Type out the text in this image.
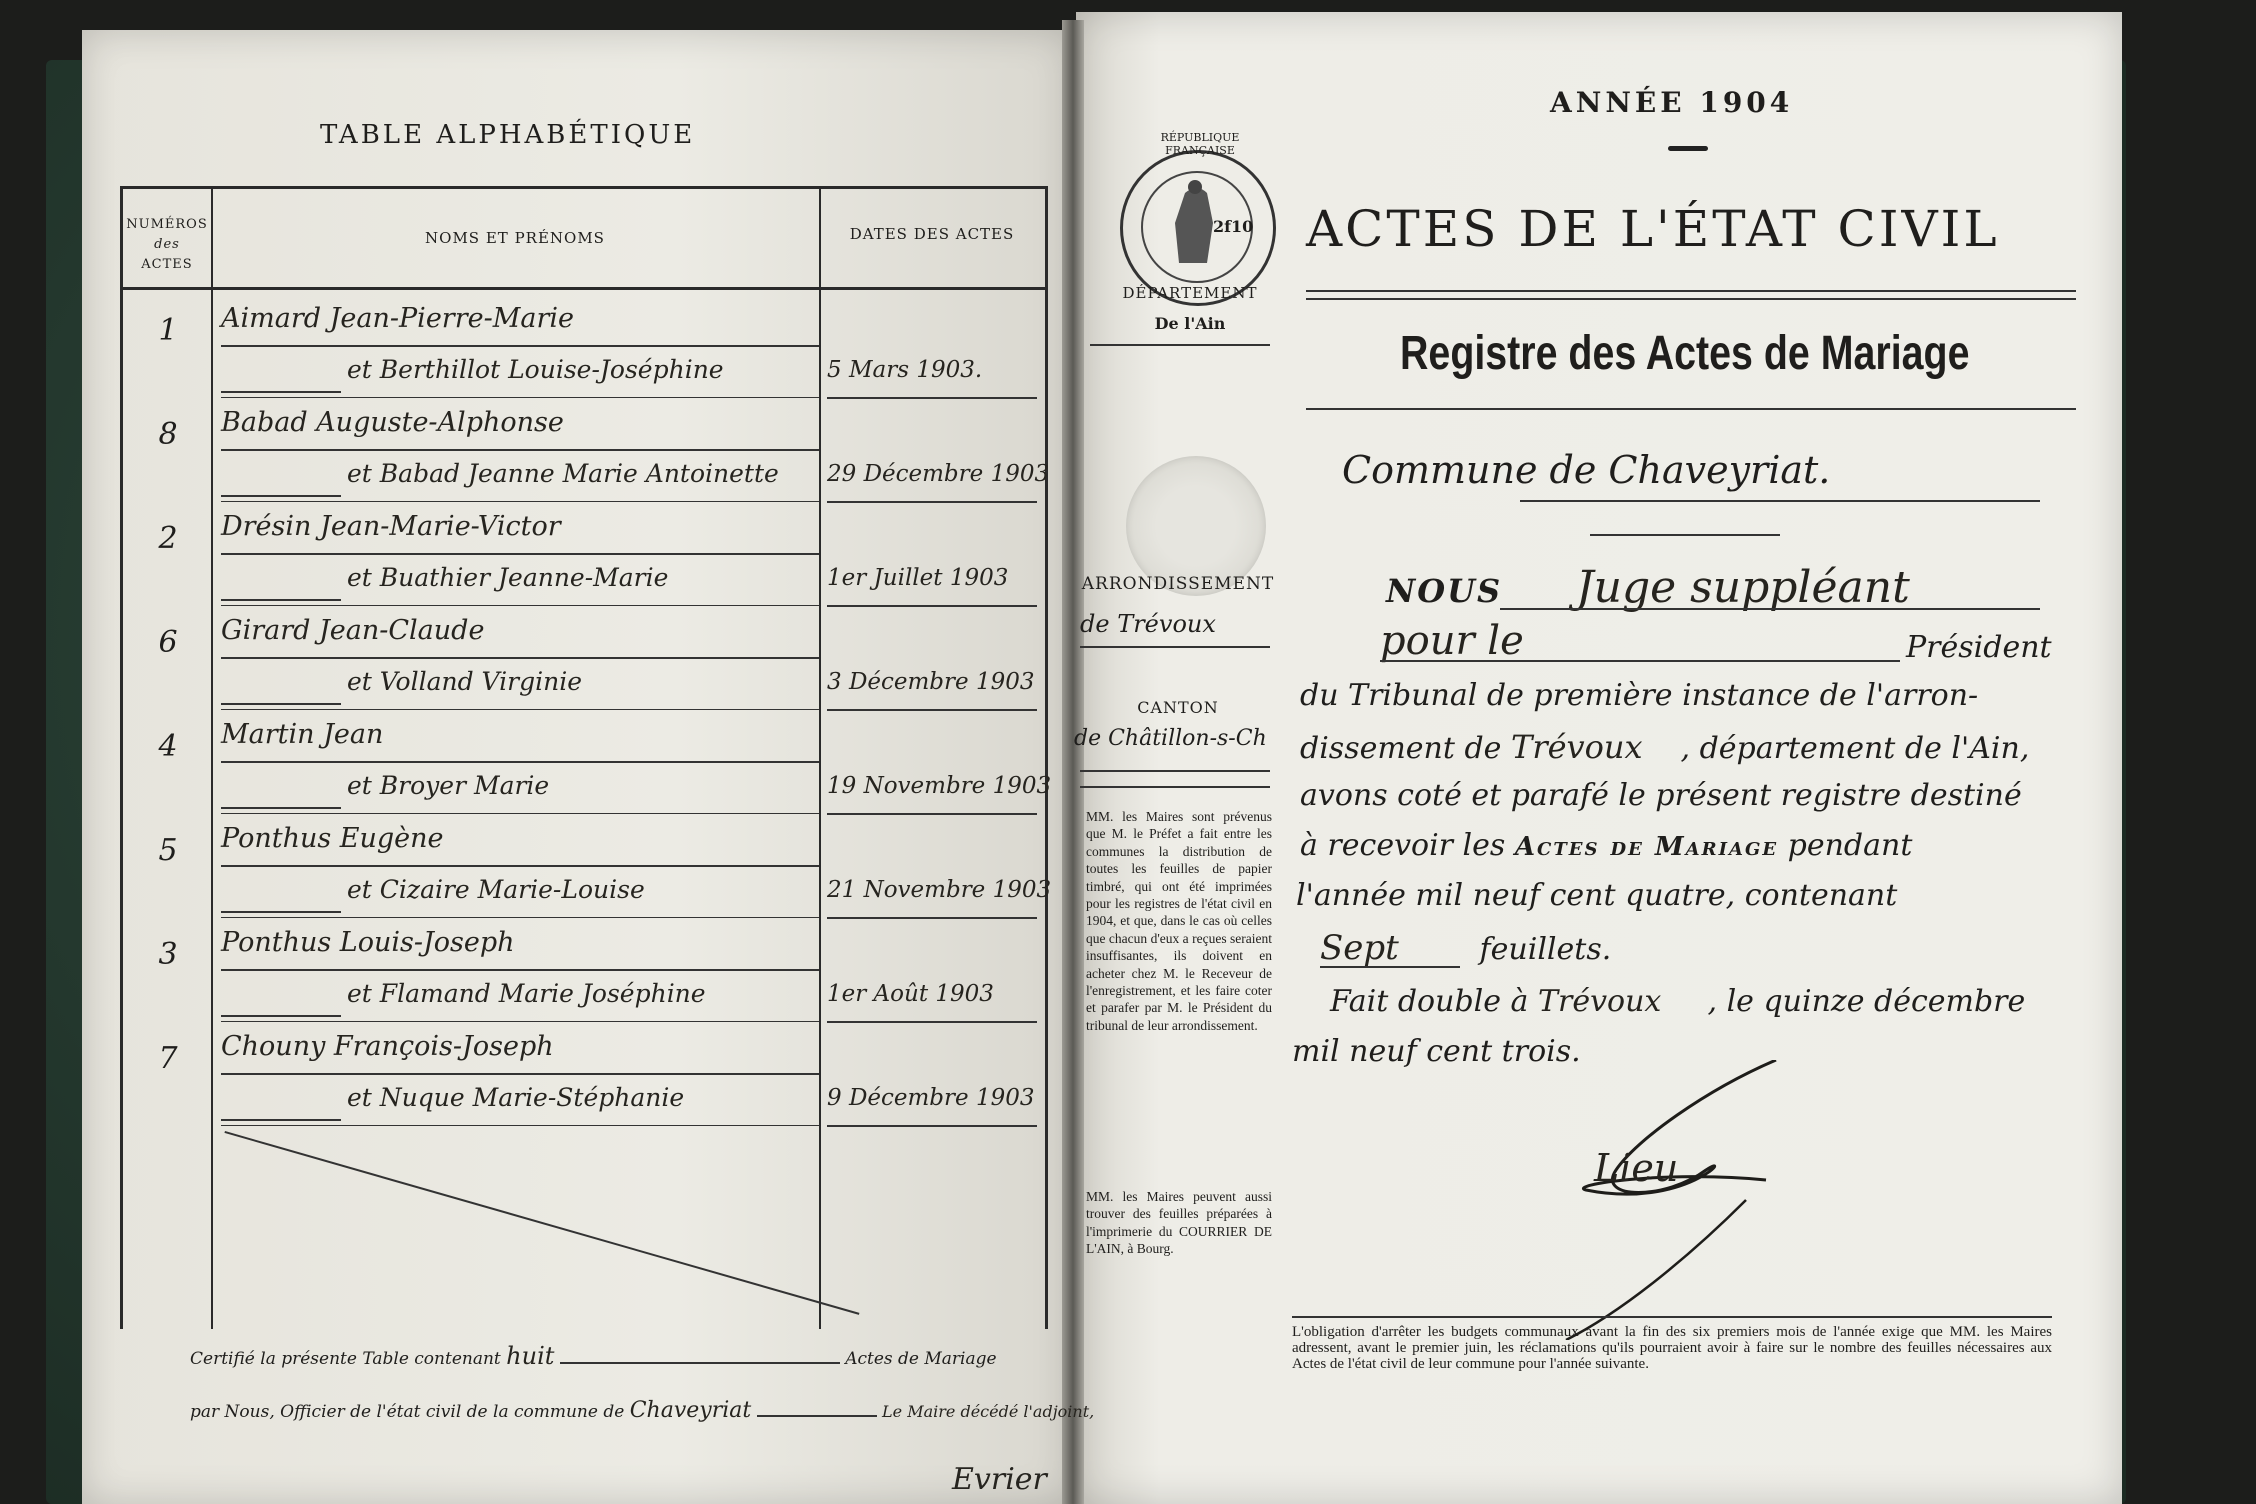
TABLE ALPHABÉTIQUE
NUMÉROS
des
ACTES
NOMS ET PRÉNOMS	DATES DES ACTES
1	Aimard Jean-Pierre-Marie
et Berthillot Louise-Joséphine	5 Mars 1903.
8	Babad Auguste-Alphonse
et Babad Jeanne Marie Antoinette 29 Décembre 1903
2	Drésin Jean-Marie-Victor
et Buathier Jeanne-Marie	1er Juillet 1903
6	Girard Jean-Claude
et Volland Virginie	3 Décembre 1903
4	Martin Jean
et Broyer Marie	19 Novembre 1903
5	Ponthus Eugène
et Cizaire Marie-Louise	21 Novembre 1903
3	Ponthus Louis-Joseph
et Flamand Marie Joséphine	1er Août 1903
7	Chouny François-Joseph
et Nuque Marie-Stéphanie	9 Décembre 1903
Certifié la présente Table contenant huit	Actes de Mariage
par Nous, Officier de l'état civil de la commune de Chaveyriat	Le Maire décédé l'adjoint,
Evrier
ANNÉE 1904
RÉPUBLIQUE FRANÇAISE
2f10
DÉPARTEMENT
De l'Ain
ACTES DE L'ÉTAT CIVIL
Registre des Actes de Mariage
Commune de Chaveyriat.
ARRONDISSEMENT
de Trévoux
CANTON
de Châtillon-s-Ch
MM. les Maires sont prévenus que M. le Préfet a fait entre les communes la distribution de toutes les feuilles de papier timbré, qui ont été imprimées pour les registres de l'état civil en 1904, et que, dans le cas où celles que chacun d'eux a reçues seraient insuffisantes, ils doivent en acheter chez M. le Receveur de l'enregistrement, et les faire coter et parafer par M. le Président du tribunal de leur arrondissement.
MM. les Maires peuvent aussi trouver des feuilles préparées à l'imprimerie du COURRIER DE L'AIN, à Bourg.
NOUS Juge suppléant
pour le	Président
du Tribunal de première instance de l'arron-
dissement de Trévoux , département de l'Ain,
avons coté et parafé le présent registre destiné
à recevoir les Actes de Mariage pendant
l'année mil neuf cent quatre, contenant
Sept	feuillets.
Fait double à Trévoux , le quinze décembre
mil neuf cent trois.
Lieu
L'obligation d'arrêter les budgets communaux avant la fin des six premiers mois de l'année exige que MM. les Maires adressent, avant le premier juin, les réclamations qu'ils pourraient avoir à faire sur le nombre des feuilles nécessaires aux Actes de l'état civil de leur commune pour l'année suivante.
